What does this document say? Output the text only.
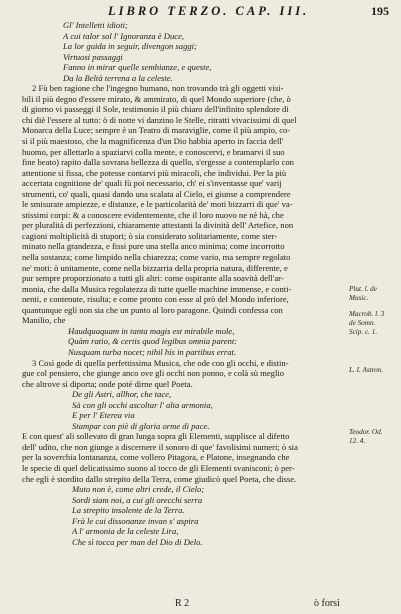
LIBRO TERZO. CAP. III.	195
Gl' Intelletti idioti;
A cui talor sol l' Ignoranza è Duce,
La lor guida in seguir, divengon saggi;
Virtuosi passaggi
Fanno in mirar quelle sembianze, e queste,
Da la Beltà terrena a la celeste.
2 Fù ben ragione che l'ingegno humano, non trovando trà gli oggetti visi-
bili il più degno d'essere mirato, & ammirato, di quel Mondo superiore (che, ò
di giorno vi passeggi il Sole, testimonio il più chiaro dell'infinito splendore di
chi diè l'essere al tutto: ò di notte vi danzino le Stelle, ritratti vivacissimi di quel
Monarca della Luce; sempre è un Teatro di maraviglie, come il più ampio, co-
sì il più maestoso, che la magnificenza d'un Dio habbia aperto in faccia dell'
huomo, per allettarlo a spaziarvi colla mente, e conoscervi, e bramarvi il suo
fine beato) rapito dalla sovrana bellezza di quello, s'ergesse a contemplarlo con
attentione sì fissa, che potesse contarvi più miracoli, che individui. Per la più
accertata cognitione de' quali fù poi necessario, ch' ei s'inventasse que' varij
strumenti, co' quali, quasi dando una scalata al Cielo, ei giunse a comprendere
le smisurate ampiezze, e distanze, e le particolarità de' moti bizzarri di que' va-
stissimi corpi: & a conoscere evidentemente, che il loro nuovo ne nè hà, che
per pluralità di perfezzioni, chiaramente attestanti la divinità dell' Artefice, non
cagioni moltiplicità di stupori; ò sia considerato solitariamente, come ster-
minato nella grandezza, e fissi pure una stella anco minima; come incorrotto
nella sostanza; come limpido nella chiarezza; come vario, ma sempre regolato
ne' moti: ò unitamente, come nella bizzarria della propria natura, differente, e
pur sempre proporzionato a tutti gli altri: come ospirante alla soavità dell'ar-
monia, che dalla Musica regolatezza di tutte quelle machine immense, e conti-
nenti, e contenute, risulta; e come pronto con esse al prò del Mondo inferiore,
quantunque egli non sia che un punto al loro paragone. Quindi confessa con
Manilio, che
Haudquaquam in tanta magis est mirabile mole,
Quàm ratio, & certis quod legibus omnia parent:
Nusquam turba nocet; nihil his in partibus errat.
3 Così gode di quella perfettissima Musica, che ode con gli occhi, e distin-
gue col pensiero, che giunge anco ove gli occhi non ponno, e colà sù meglio
che altrove sì diporta; onde poté dirne quel Poeta.
De gli Astri, allhor, che tace,
Sà con gli occhi ascoltar l' alta armonia,
E per l' Eterea via
Stampar con piè di gloria orme di pace.
E con quest' ali sollevato di gran lunga sopra gli Elementi, supplisce al difetto
dell' udito, che non giunge a discernere il sonoro di que' favolisimi numeri; ò sia
per la soverchia lontananza, come vollero Pitagora, e Platone, insegnando che
le specie di quel delicatissimo suono al tocco de gli Elementi svanisconi; ò per-
che egli è stordito dallo strepito della Terra, come giudicò quel Poeta, che disse.
Muto non è, come altri crede, il Cielo;
Sordi siam noi, a cui gli orecchi serra
La strepito insolente de la Terra.
Frà le cui dissonanze invan s' aspira
A l' armonia de la celeste Lira,
Che sì tocca per man del Dio di Delo.
Plut. l. de
Music.
Macrob. l. 3
de Somn.
Scip. c. 1.
L. I. Astron.
Teodor. Od.
12. 4.
R 2	ò forsi
